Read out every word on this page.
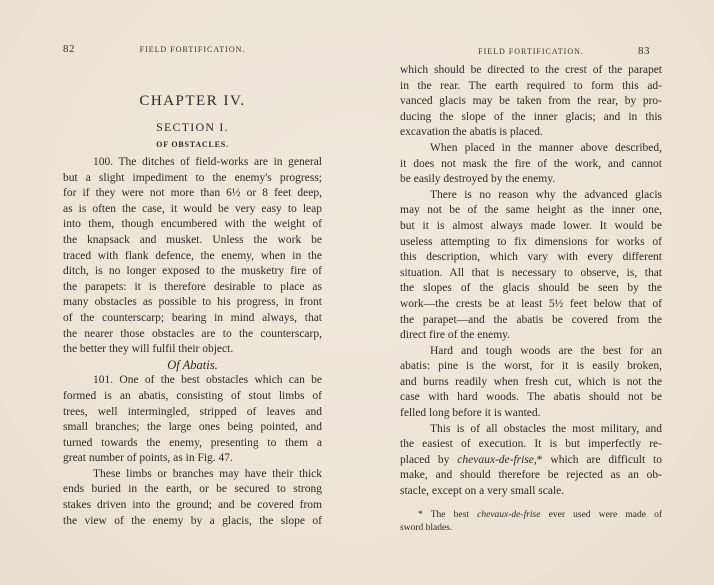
82	FIELD FORTIFICATION.
CHAPTER IV.
SECTION I.
OF OBSTACLES.
100. The ditches of field-works are in general
but a slight impediment to the enemy's progress;
for if they were not more than 6½ or 8 feet deep,
as is often the case, it would be very easy to leap
into them, though encumbered with the weight of
the knapsack and musket. Unless the work be
traced with flank defence, the enemy, when in the
ditch, is no longer exposed to the musketry fire of
the parapets: it is therefore desirable to place as
many obstacles as possible to his progress, in front
of the counterscarp; bearing in mind always, that
the nearer those obstacles are to the counterscarp,
the better they will fulfil their object.
Of Abatis.
101. One of the best obstacles which can be
formed is an abatis, consisting of stout limbs of
trees, well intermingled, stripped of leaves and
small branches; the large ones being pointed, and
turned towards the enemy, presenting to them a
great number of points, as in Fig. 47.
These limbs or branches may have their thick
ends buried in the earth, or be secured to strong
stakes driven into the ground; and be covered from
the view of the enemy by a glacis, the slope of
FIELD FORTIFICATION.	83
which should be directed to the crest of the parapet
in the rear. The earth required to form this ad-
vanced glacis may be taken from the rear, by pro-
ducing the slope of the inner glacis; and in this
excavation the abatis is placed.
When placed in the manner above described,
it does not mask the fire of the work, and cannot
be easily destroyed by the enemy.
There is no reason why the advanced glacis
may not be of the same height as the inner one,
but it is almost always made lower. It would be
useless attempting to fix dimensions for works of
this description, which vary with every different
situation. All that is necessary to observe, is, that
the slopes of the glacis should be seen by the
work—the crests be at least 5½ feet below that of
the parapet—and the abatis be covered from the
direct fire of the enemy.
Hard and tough woods are the best for an
abatis: pine is the worst, for it is easily broken,
and burns readily when fresh cut, which is not the
case with hard woods. The abatis should not be
felled long before it is wanted.
This is of all obstacles the most military, and
the easiest of execution. It is but imperfectly re-
placed by chevaux-de-frise,* which are difficult to
make, and should therefore be rejected as an ob-
stacle, except on a very small scale.
* The best chevaux-de-frise ever used were made of
sword blades.
